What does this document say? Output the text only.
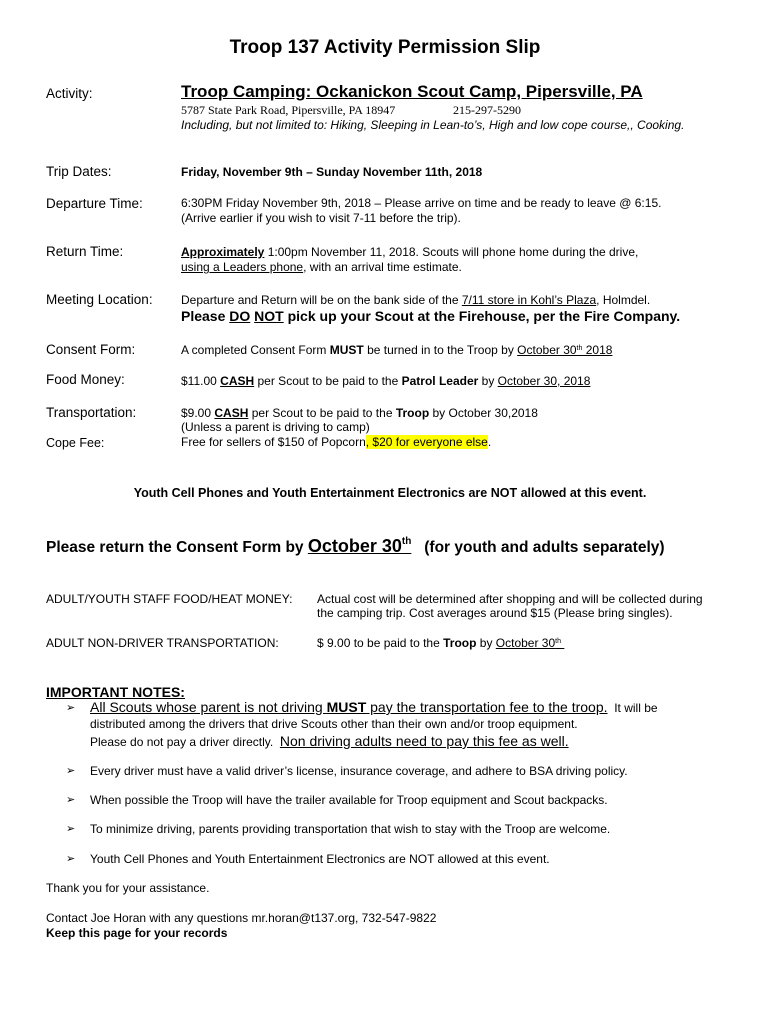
Troop 137 Activity Permission Slip
Activity:	Troop Camping: Ockanickon Scout Camp, Pipersville, PA
5787 State Park Road, Pipersville, PA 18947	215-297-5290
Including, but not limited to: Hiking, Sleeping in Lean-to’s, High and low cope course,, Cooking.
Trip Dates:	Friday, November 9th – Sunday November 11th, 2018
Departure Time:	6:30PM Friday November 9th, 2018 – Please arrive on time and be ready to leave @ 6:15.
(Arrive earlier if you wish to visit 7-11 before the trip).
Return Time:	Approximately 1:00pm November 11, 2018. Scouts will phone home during the drive,
using a Leaders phone, with an arrival time estimate.
Meeting Location: Departure and Return will be on the bank side of the 7/11 store in Kohl’s Plaza, Holmdel.
Please DO NOT pick up your Scout at the Firehouse, per the Fire Company.
Consent Form:	A completed Consent Form MUST be turned in to the Troop by October 30th 2018
Food Money:	$11.00 CASH per Scout to be paid to the Patrol Leader by October 30, 2018
Transportation:	$9.00 CASH per Scout to be paid to the Troop by October 30,2018
(Unless a parent is driving to camp)
Cope Fee:	Free for sellers of $150 of Popcorn, $20 for everyone else.
Youth Cell Phones and Youth Entertainment Electronics are NOT allowed at this event.
Please return the Consent Form by October 30th   (for youth and adults separately)
ADULT/YOUTH STAFF FOOD/HEAT MONEY: Actual cost will be determined after shopping and will be collected during
the camping trip. Cost averages around $15 (Please bring singles).
ADULT NON-DRIVER TRANSPORTATION:	$ 9.00 to be paid to the Troop by October 30th
IMPORTANT NOTES:
➢ All Scouts whose parent is not driving MUST pay the transportation fee to the troop.  It will be
distributed among the drivers that drive Scouts other than their own and/or troop equipment.
Please do not pay a driver directly.  Non driving adults need to pay this fee as well.
➢ Every driver must have a valid driver’s license, insurance coverage, and adhere to BSA driving policy.
➢ When possible the Troop will have the trailer available for Troop equipment and Scout backpacks.
➢ To minimize driving, parents providing transportation that wish to stay with the Troop are welcome.
➢ Youth Cell Phones and Youth Entertainment Electronics are NOT allowed at this event.
Thank you for your assistance.
Contact Joe Horan with any questions mr.horan@t137.org, 732-547-9822
Keep this page for your records
